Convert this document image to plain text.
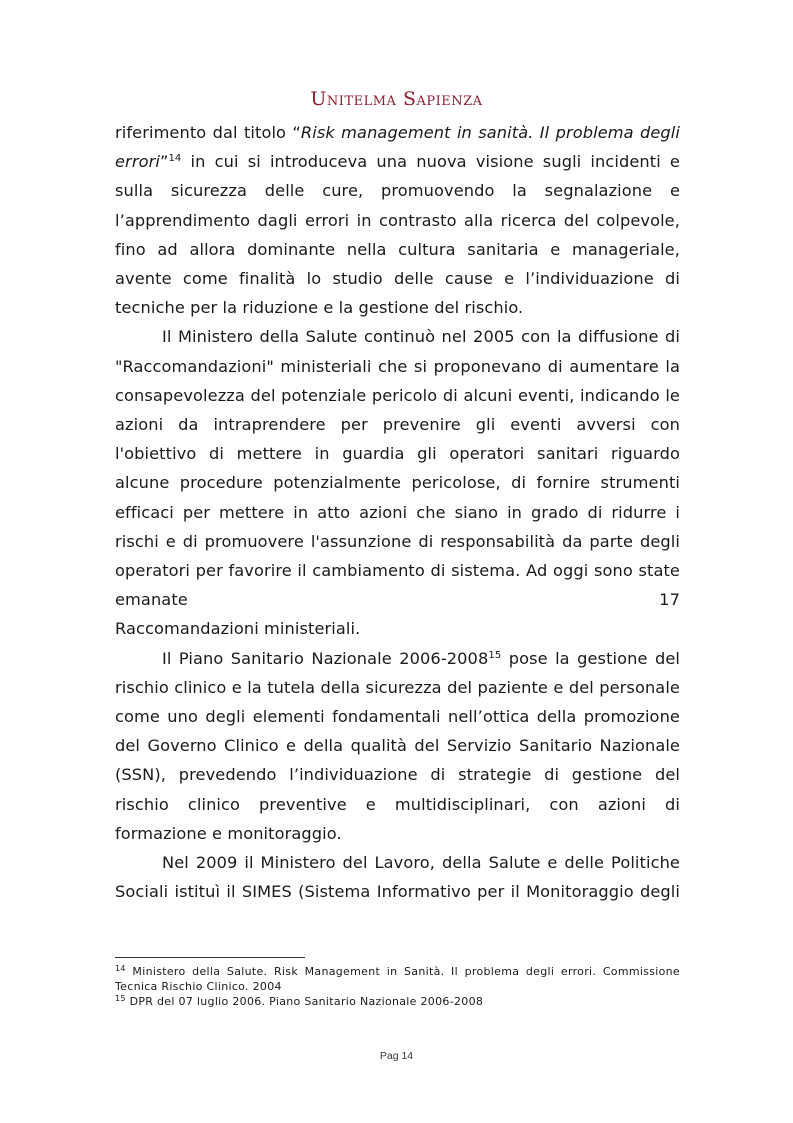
Unitelma Sapienza

riferimento dal titolo “Risk management in sanità. Il problema degli errori”$^{14}$ in cui si introduceva una nuova visione sugli incidenti e sulla sicurezza delle cure, promuovendo la segnalazione e l’apprendimento dagli errori in contrasto alla ricerca del colpevole, fino ad allora dominante nella cultura sanitaria e manageriale, avente come finalità lo studio delle cause e l’individuazione di tecniche per la riduzione e la gestione del rischio.

Il Ministero della Salute continuò nel 2005 con la diffusione di "Raccomandazioni" ministeriali che si proponevano di aumentare la consapevolezza del potenziale pericolo di alcuni eventi, indicando le azioni da intraprendere per prevenire gli eventi avversi con l'obiettivo di mettere in guardia gli operatori sanitari riguardo alcune procedure potenzialmente pericolose, di fornire strumenti efficaci per mettere in atto azioni che siano in grado di ridurre i rischi e di promuovere l'assunzione di responsabilità da parte degli operatori per favorire il cambiamento di sistema. Ad oggi sono state emanate 17

Raccomandazioni ministeriali.

Il Piano Sanitario Nazionale 2006-2008$^{15}$ pose la gestione del rischio clinico e la tutela della sicurezza del paziente e del personale come uno degli elementi fondamentali nell’ottica della promozione del Governo Clinico e della qualità del Servizio Sanitario Nazionale (SSN), prevedendo l’individuazione di strategie di gestione del rischio clinico preventive e multidisciplinari, con azioni di formazione e monitoraggio.

Nel 2009 il Ministero del Lavoro, della Salute e delle Politiche Sociali istituì il SIMES (Sistema Informativo per il Monitoraggio degli

$^{14}$ Ministero della Salute. Risk Management in Sanità. Il problema degli errori. Commissione Tecnica Rischio Clinico. 2004

$^{15}$ DPR del 07 luglio 2006. Piano Sanitario Nazionale 2006-2008

Pag 14
